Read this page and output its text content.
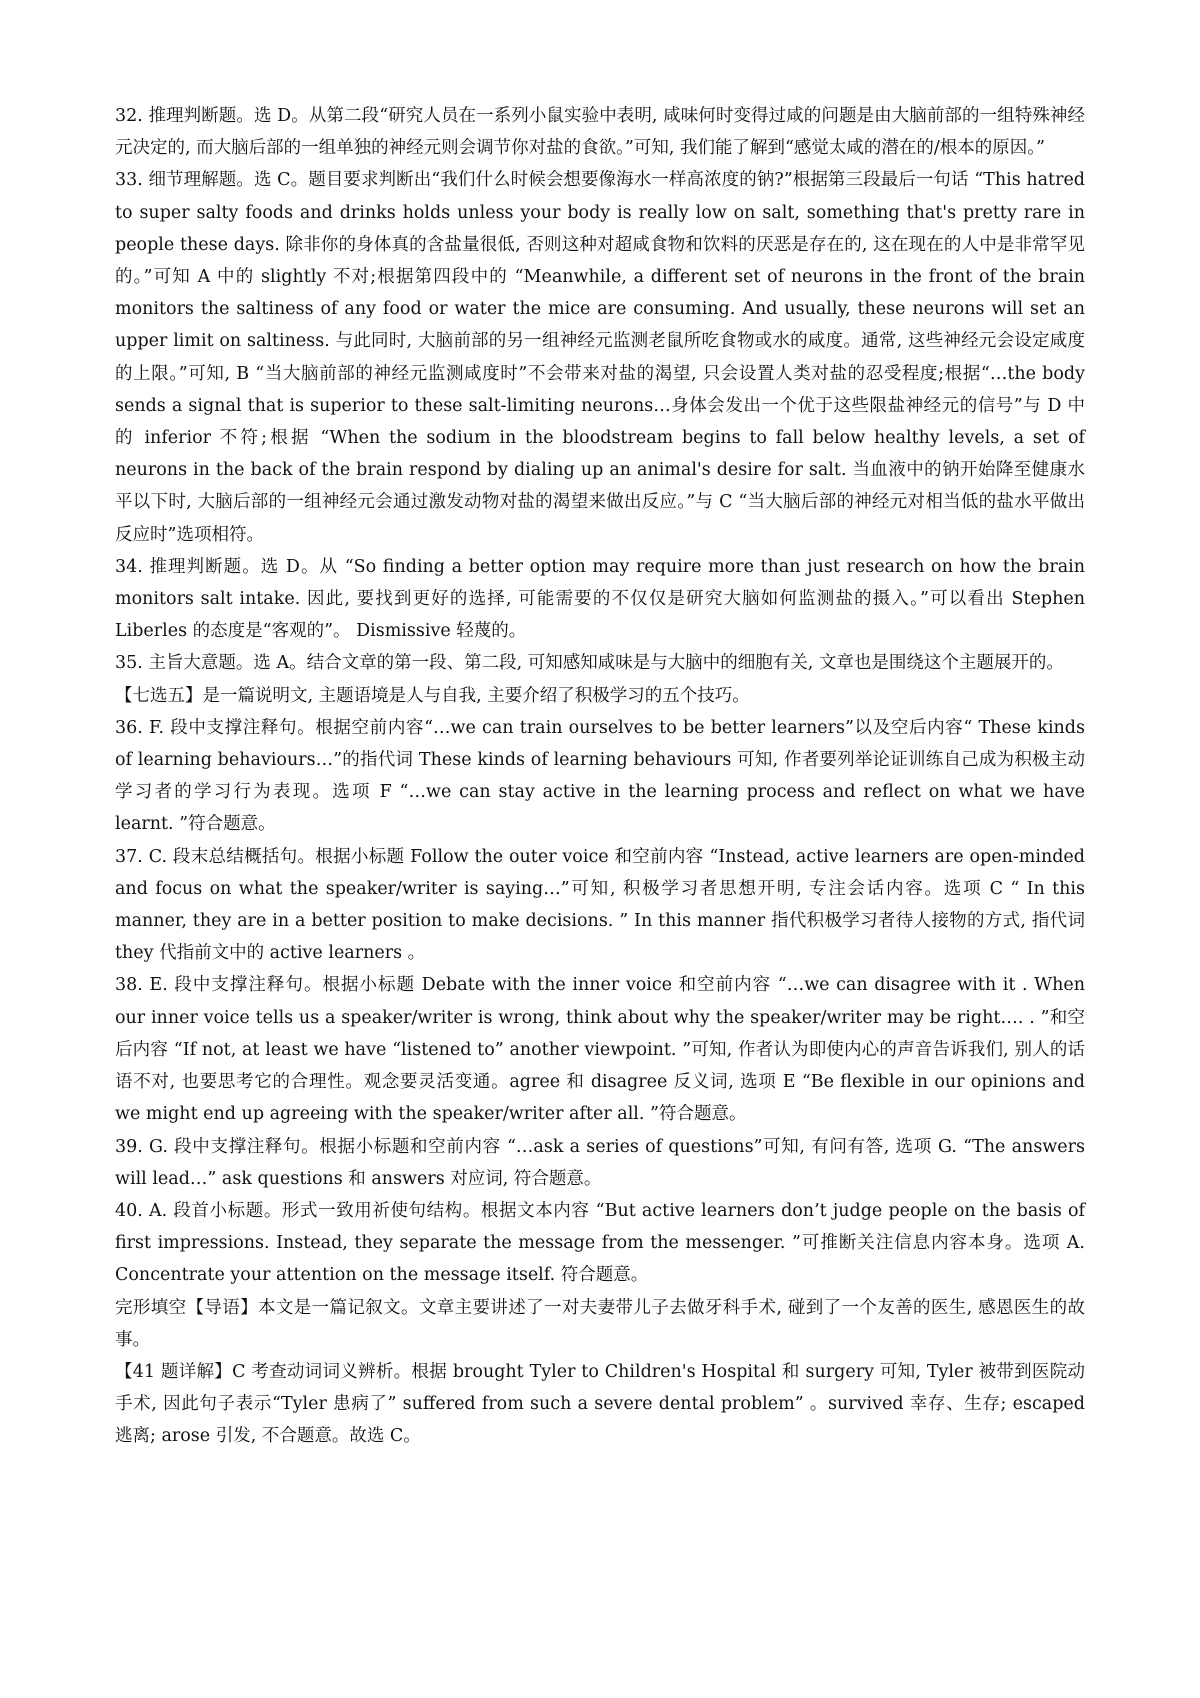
32. 推理判断题。选 D。从第二段“研究人员在一系列小鼠实验中表明, 咸味何时变得过咸的问题是由大脑前部的一组特殊神经元决定的, 而大脑后部的一组单独的神经元则会调节你对盐的食欲。”可知, 我们能了解到“感觉太咸的潜在的/根本的原因。”

33. 细节理解题。选 C。题目要求判断出“我们什么时候会想要像海水一样高浓度的钠?”根据第三段最后一句话 “This hatred to super salty foods and drinks holds unless your body is really low on salt, something that's pretty rare in people these days. 除非你的身体真的含盐量很低, 否则这种对超咸食物和饮料的厌恶是存在的, 这在现在的人中是非常罕见的。”可知 A 中的 slightly 不对;根据第四段中的 “Meanwhile, a different set of neurons in the front of the brain monitors the saltiness of any food or water the mice are consuming. And usually, these neurons will set an upper limit on saltiness. 与此同时, 大脑前部的另一组神经元监测老鼠所吃食物或水的咸度。通常, 这些神经元会设定咸度的上限。”可知, B “当大脑前部的神经元监测咸度时”不会带来对盐的渴望, 只会设置人类对盐的忍受程度;根据“…the body sends a signal that is superior to these salt-limiting neurons…身体会发出一个优于这些限盐神经元的信号”与 D 中的 inferior 不符;根据 “When the sodium in the bloodstream begins to fall below healthy levels, a set of neurons in the back of the brain respond by dialing up an animal's desire for salt. 当血液中的钠开始降至健康水平以下时, 大脑后部的一组神经元会通过激发动物对盐的渴望来做出反应。”与 C “当大脑后部的神经元对相当低的盐水平做出反应时”选项相符。

34. 推理判断题。选 D。从 “So finding a better option may require more than just research on how the brain monitors salt intake. 因此, 要找到更好的选择, 可能需要的不仅仅是研究大脑如何监测盐的摄入。”可以看出 Stephen Liberles 的态度是“客观的”。 Dismissive 轻蔑的。

35. 主旨大意题。选 A。结合文章的第一段、第二段, 可知感知咸味是与大脑中的细胞有关, 文章也是围绕这个主题展开的。

【七选五】是一篇说明文, 主题语境是人与自我, 主要介绍了积极学习的五个技巧。

36. F. 段中支撑注释句。根据空前内容“…we can train ourselves to be better learners”以及空后内容“ These kinds of learning behaviours…”的指代词 These kinds of learning behaviours 可知, 作者要列举论证训练自己成为积极主动学习者的学习行为表现。选项 F “…we can stay active in the learning process and reflect on what we have learnt. ”符合题意。

37. C. 段末总结概括句。根据小标题 Follow the outer voice 和空前内容 “Instead, active learners are open-minded and focus on what the speaker/writer is saying…”可知, 积极学习者思想开明, 专注会话内容。选项 C “ In this manner, they are in a better position to make decisions. ” In this manner 指代积极学习者待人接物的方式, 指代词 they 代指前文中的 active learners 。

38. E. 段中支撑注释句。根据小标题 Debate with the inner voice 和空前内容 “…we can disagree with it . When our inner voice tells us a speaker/writer is wrong, think about why the speaker/writer may be right…. . ”和空后内容 “If not, at least we have “listened to” another viewpoint. ”可知, 作者认为即使内心的声音告诉我们, 别人的话语不对, 也要思考它的合理性。观念要灵活变通。agree 和 disagree 反义词, 选项 E “Be flexible in our opinions and we might end up agreeing with the speaker/writer after all. ”符合题意。

39. G. 段中支撑注释句。根据小标题和空前内容 “…ask a series of questions”可知, 有问有答, 选项 G. “The answers will lead…” ask questions 和 answers 对应词, 符合题意。

40. A. 段首小标题。形式一致用祈使句结构。根据文本内容 “But active learners don’t judge people on the basis of first impressions. Instead, they separate the message from the messenger. ”可推断关注信息内容本身。选项 A. Concentrate your attention on the message itself. 符合题意。

完形填空【导语】本文是一篇记叙文。文章主要讲述了一对夫妻带儿子去做牙科手术, 碰到了一个友善的医生, 感恩医生的故事。

【41 题详解】C 考查动词词义辨析。根据 brought Tyler to Children's Hospital 和 surgery 可知, Tyler 被带到医院动手术, 因此句子表示“Tyler 患病了” suffered from such a severe dental problem” 。survived 幸存、生存; escaped 逃离; arose 引发, 不合题意。故选 C。
